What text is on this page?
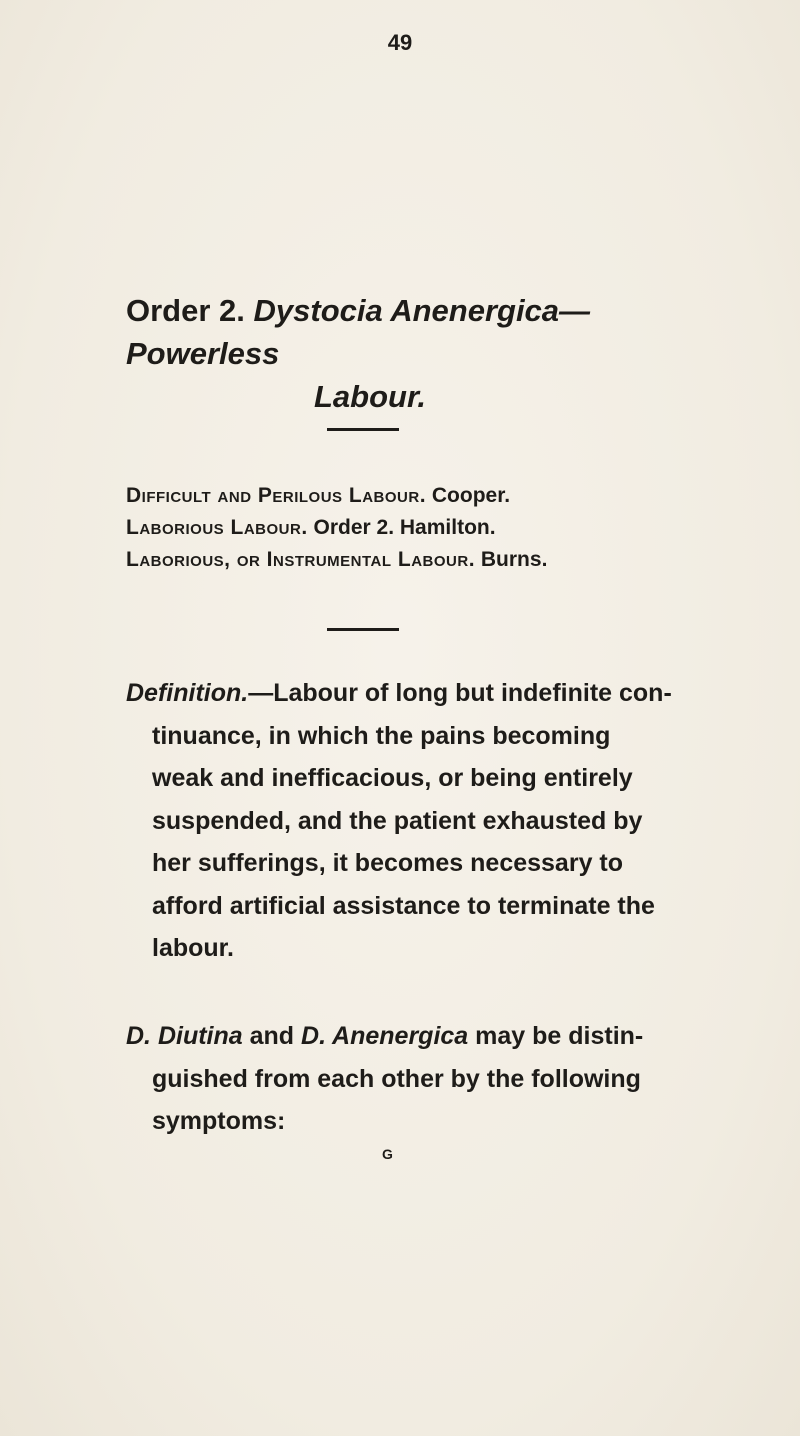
49
Order 2. Dystocia Anenergica—Powerless
Labour.
Difficult and Perilous Labour. Cooper.
Laborious Labour. Order 2. Hamilton.
Laborious, or Instrumental Labour. Burns.
Definition.—Labour of long but indefinite con-
tinuance, in which the pains becoming
weak and inefficacious, or being entirely
suspended, and the patient exhausted by
her sufferings, it becomes necessary to
afford artificial assistance to terminate the
labour.
D. Diutina and D. Anenergica may be distin-
guished from each other by the following
symptoms:
G
